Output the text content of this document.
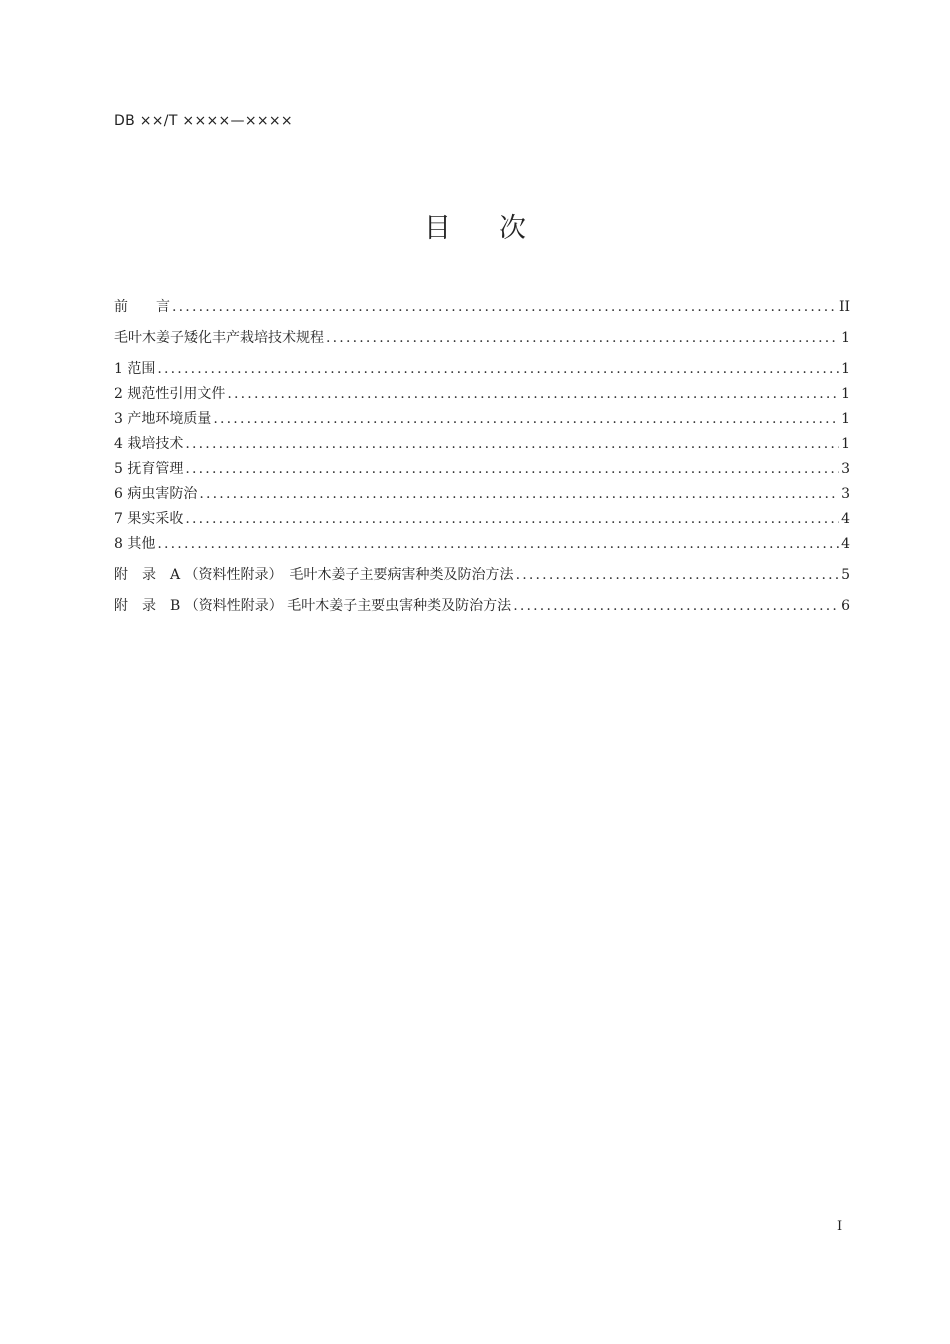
DB ××/T ××××—××××
目 次
前　　言 .....	II
毛叶木姜子矮化丰产栽培技术规程 .....	1
1 范围 .....	1
2 规范性引用文件 .....	1
3 产地环境质量 .....	1
4 栽培技术 .....	1
5 抚育管理 .....	3
6 病虫害防治 .....	3
7 果实采收 .....	4
8 其他 .....	4
附　录　A （资料性附录）　毛叶木姜子主要病害种类及防治方法 .....	5
附　录　B （资料性附录） 毛叶木姜子主要虫害种类及防治方法 .....	6
I
